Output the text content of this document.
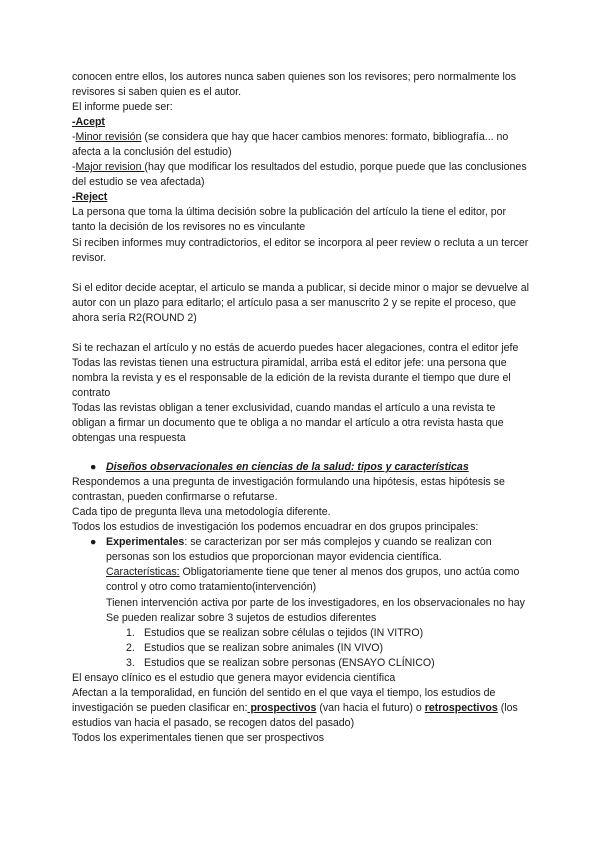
conocen entre ellos, los autores nunca saben quienes son los revisores; pero normalmente los revisores si saben quien es el autor.

El informe puede ser:

-Acept

-Minor revisión (se considera que hay que hacer cambios menores: formato, bibliografía... no afecta a la conclusión del estudio)

-Major revision (hay que modificar los resultados del estudio, porque puede que las conclusiones del estudio se vea afectada)

-Reject

La persona que toma la última decisión sobre la publicación del artículo la tiene el editor, por tanto la decisión de los revisores no es vinculante

Si reciben informes muy contradictorios, el editor se incorpora al peer review o recluta a un tercer revisor.

Si el editor decide aceptar, el articulo se manda a publicar, si decide minor o major se devuelve al autor con un plazo para editarlo; el artículo pasa a ser manuscrito 2 y se repite el proceso, que ahora sería R2(ROUND 2)

Si te rechazan el artículo y no estás de acuerdo puedes hacer alegaciones, contra el editor jefe

Todas las revistas tienen una estructura piramidal, arriba está el editor jefe: una persona que nombra la revista y es el responsable de la edición de la revista durante el tiempo que dure el contrato

Todas las revistas obligan a tener exclusividad, cuando mandas el artículo a una revista te obligan a firmar un documento que te obliga a no mandar el artículo a otra revista hasta que obtengas una respuesta

● Diseños observacionales en ciencias de la salud: tipos y características

Respondemos a una pregunta de investigación formulando una hipótesis, estas hipótesis se contrastan, pueden confirmarse o refutarse.

Cada tipo de pregunta lleva una metodología diferente.

Todos los estudios de investigación los podemos encuadrar en dos grupos principales:

● Experimentales: se caracterizan por ser más complejos y cuando se realizan con personas son los estudios que proporcionan mayor evidencia científica.

Características: Obligatoriamente tiene que tener al menos dos grupos, uno actúa como control y otro como tratamiento(intervención)

Tienen intervención activa por parte de los investigadores, en los observacionales no hay

Se pueden realizar sobre 3 sujetos de estudios diferentes

1. Estudios que se realizan sobre células o tejidos (IN VITRO)
2. Estudios que se realizan sobre animales (IN VIVO)
3. Estudios que se realizan sobre personas (ENSAYO CLÍNICO)

El ensayo clínico es el estudio que genera mayor evidencia científica

Afectan a la temporalidad, en función del sentido en el que vaya el tiempo, los estudios de investigación se pueden clasificar en: prospectivos (van hacia el futuro) o retrospectivos (los estudios van hacia el pasado, se recogen datos del pasado)

Todos los experimentales tienen que ser prospectivos
